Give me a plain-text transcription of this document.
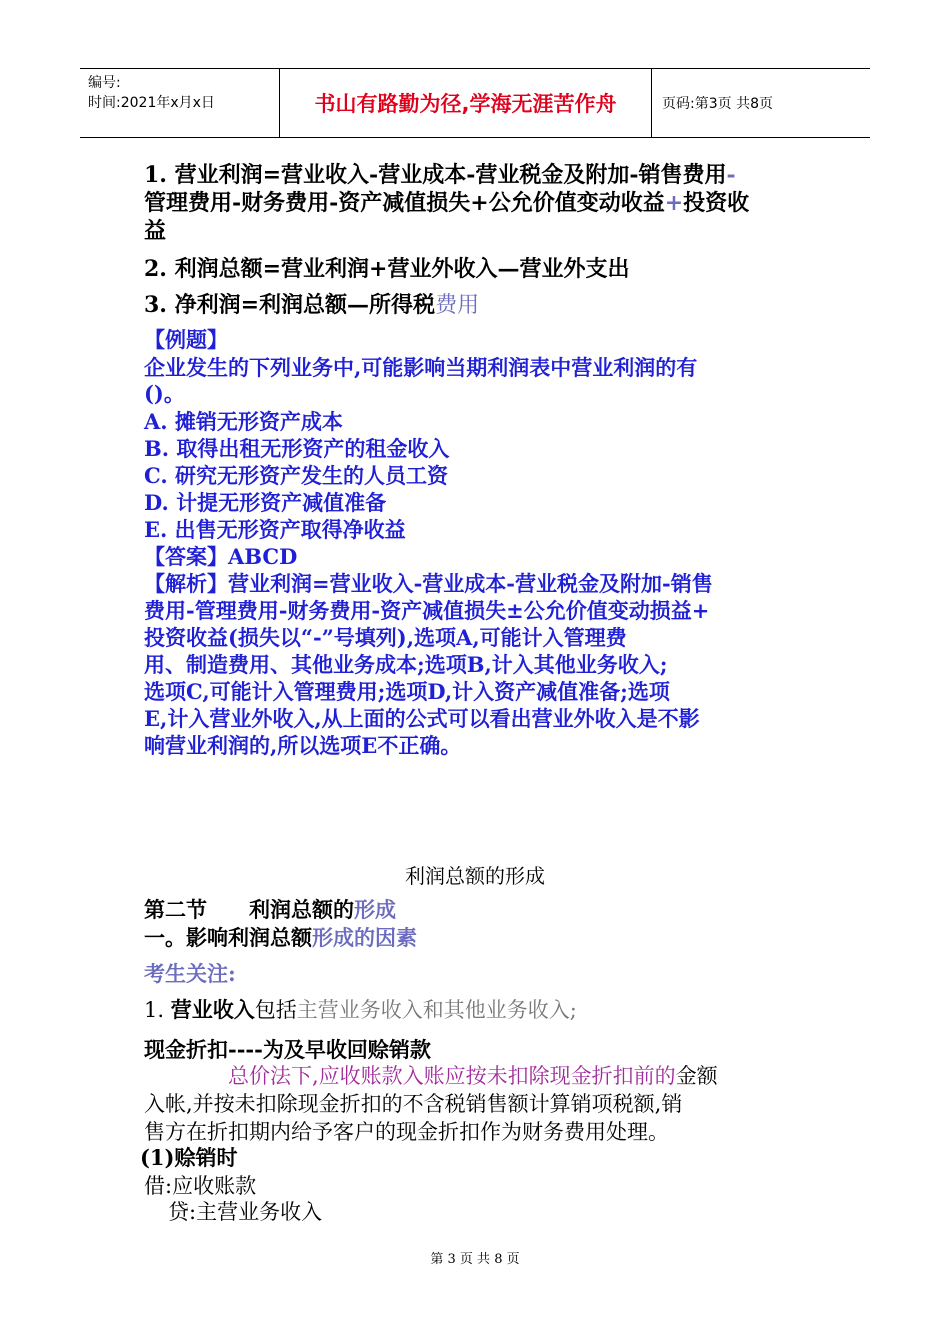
编号:
时间:2021年x月x日	书山有路勤为径,学海无涯苦作舟	页码:第3页 共8页
1. 营业利润=营业收入-营业成本-营业税金及附加-销售费用-
管理费用-财务费用-资产减值损失+公允价值变动收益+投资收
益
2. 利润总额=营业利润+营业外收入—营业外支出
3. 净利润=利润总额—所得税费用
【例题】
企业发生的下列业务中,可能影响当期利润表中营业利润的有
()。
A. 摊销无形资产成本
B. 取得出租无形资产的租金收入
C. 研究无形资产发生的人员工资
D. 计提无形资产减值准备
E. 出售无形资产取得净收益
【答案】ABCD
【解析】营业利润=营业收入-营业成本-营业税金及附加-销售
费用-管理费用-财务费用-资产减值损失±公允价值变动损益+
投资收益(损失以“-”号填列),选项A,可能计入管理费
用、制造费用、其他业务成本;选项B,计入其他业务收入;
选项C,可能计入管理费用;选项D,计入资产减值准备;选项
E,计入营业外收入,从上面的公式可以看出营业外收入是不影
响营业利润的,所以选项E不正确。
利润总额的形成
第二节　　利润总额的形成
一。影响利润总额形成的因素
考生关注:
1. 营业收入包括主营业务收入和其他业务收入;
现金折扣----为及早收回赊销款
总价法下,应收账款入账应按未扣除现金折扣前的金额
入帐,并按未扣除现金折扣的不含税销售额计算销项税额,销
售方在折扣期内给予客户的现金折扣作为财务费用处理。
(1)赊销时
借:应收账款
贷:主营业务收入
第 3 页 共 8 页
